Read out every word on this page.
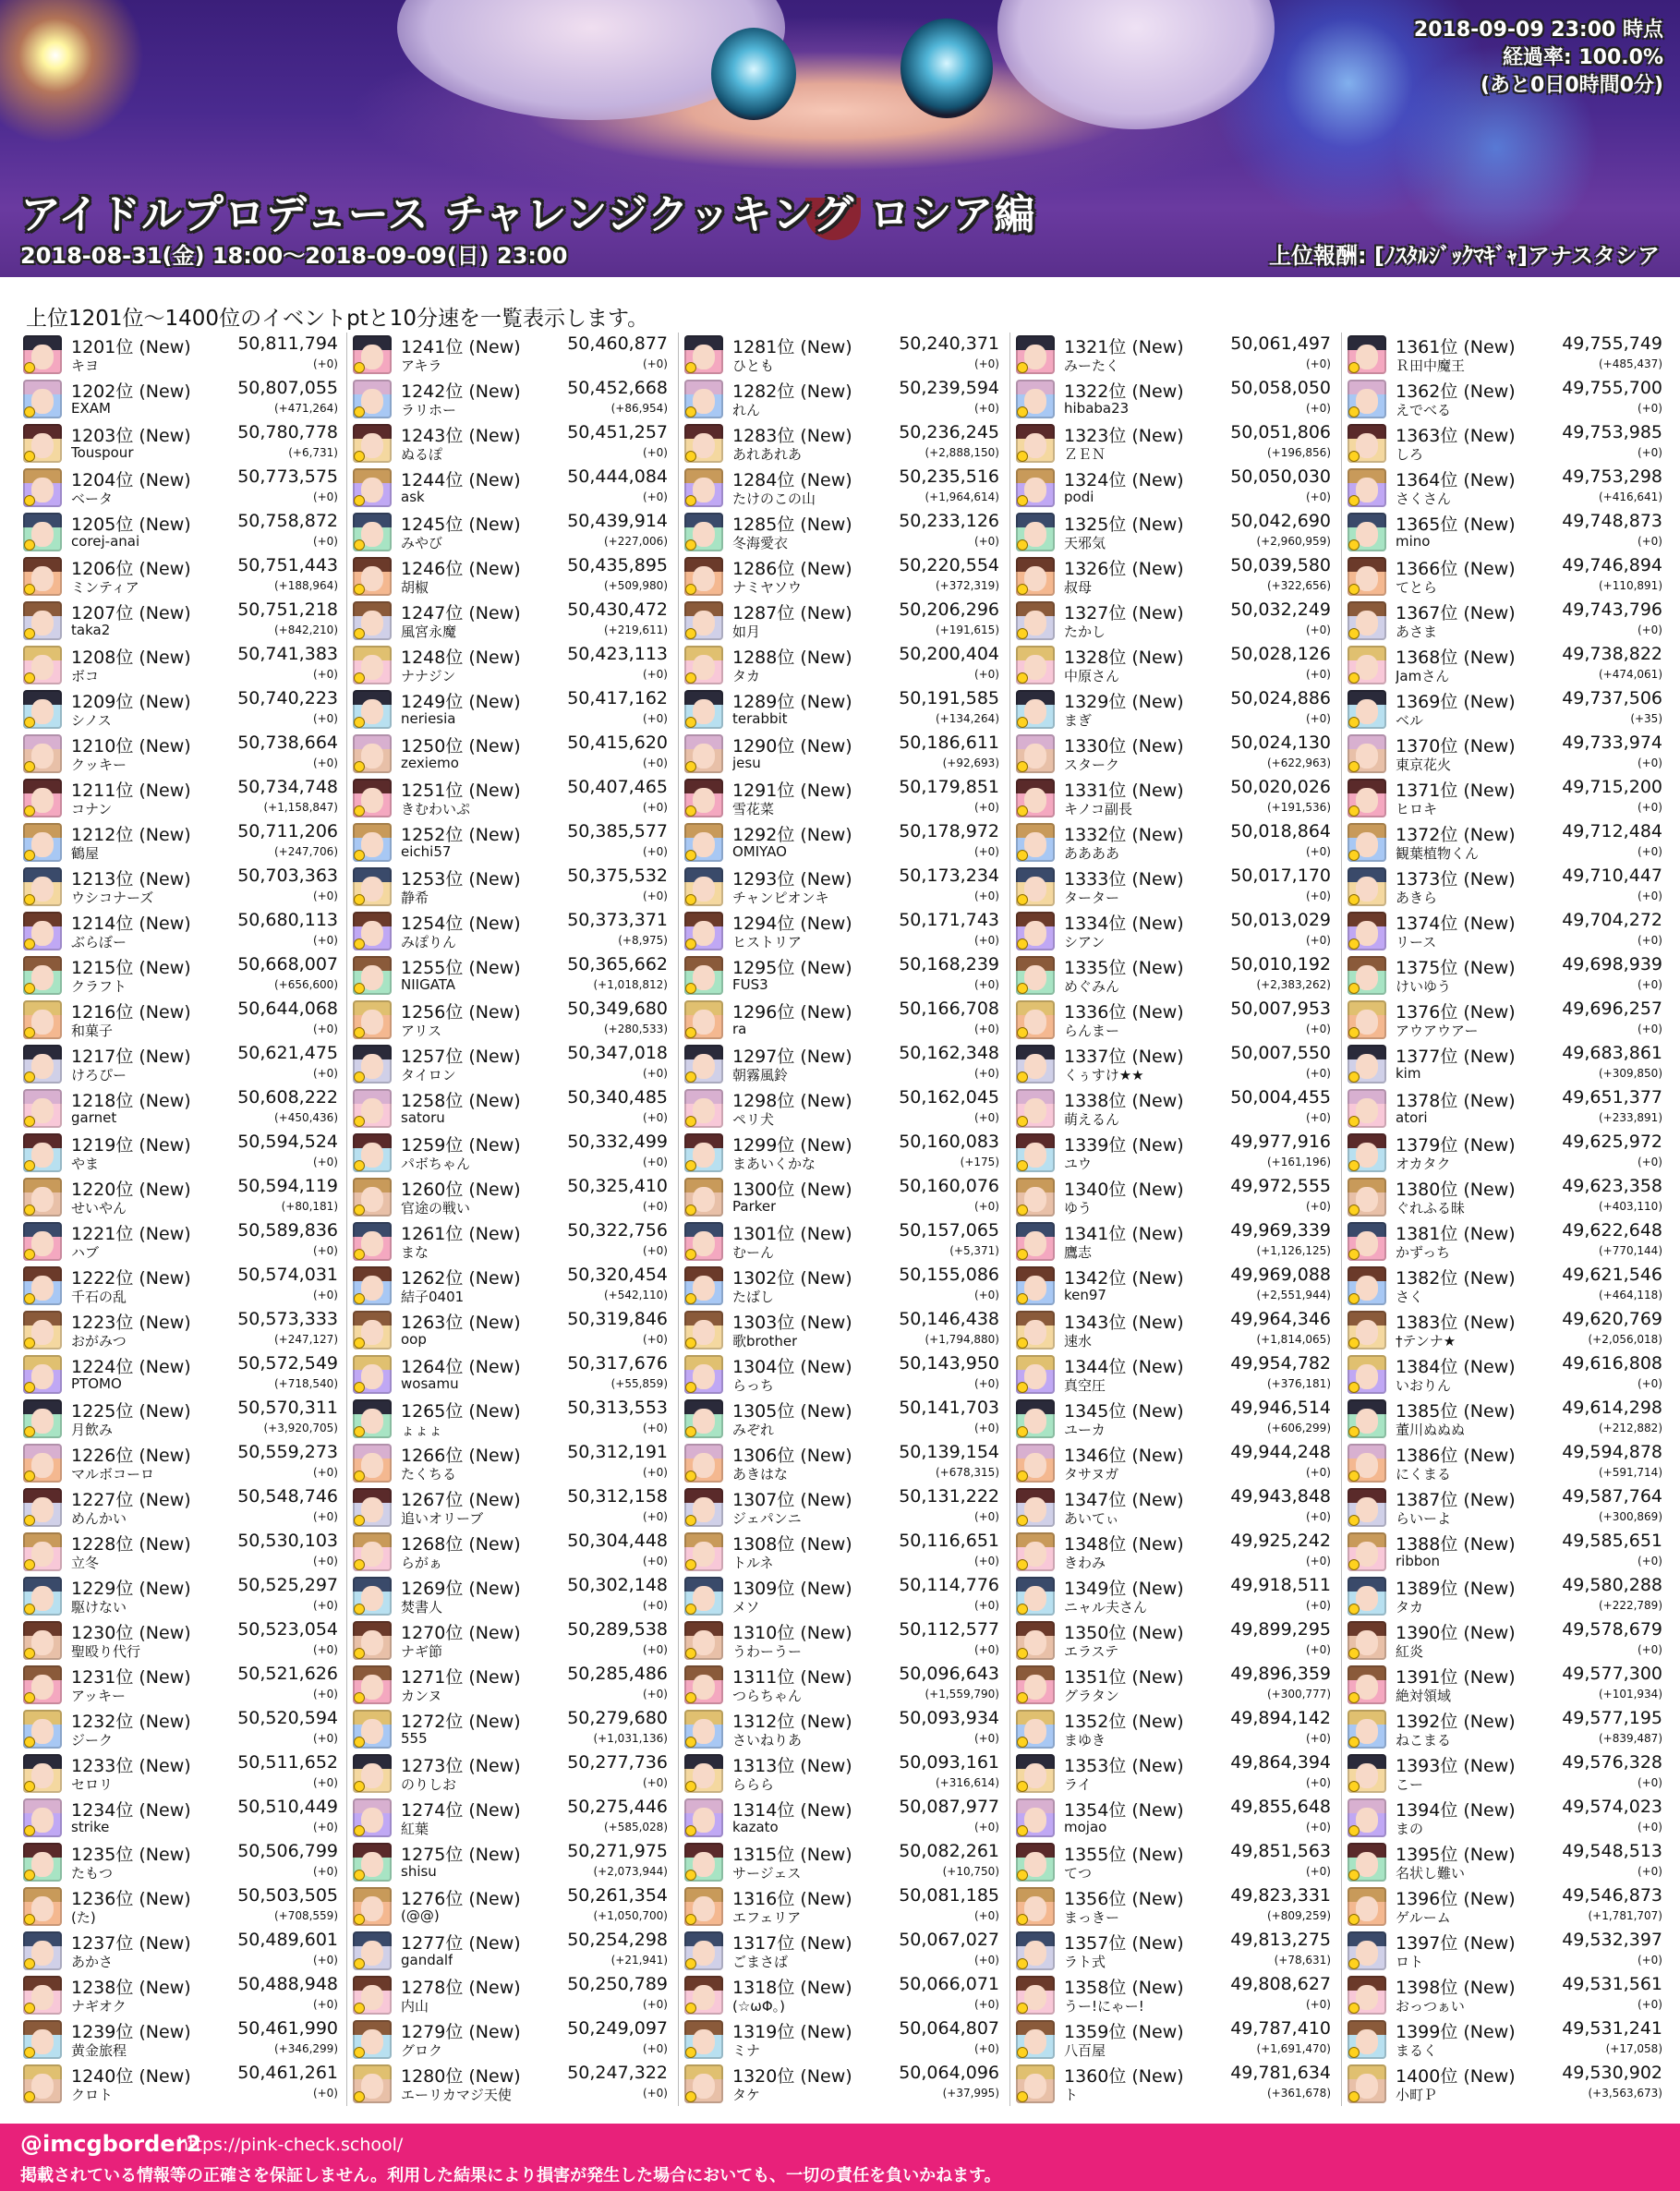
2018-09-09 23:00 時点
経過率: 100.0%
(あと0日0時間0分)
アイドルプロデュース チャレンジクッキング ロシア編
2018-08-31(金) 18:00～2018-09-09(日) 23:00	上位報酬: [ﾉｽﾀﾙｼﾞｯｸﾏｷﾞｬ]アナスタシア
上位1201位～1400位のイベントptと10分速を一覧表示します。
1201位 (New)	50,811,794
キヨ	(+0)
1202位 (New)	50,807,055
EXAM	(+471,264)
1203位 (New)	50,780,778
Touspour	(+6,731)
1204位 (New)	50,773,575
ベータ	(+0)
1205位 (New)	50,758,872
corej-anai	(+0)
1206位 (New)	50,751,443
ミンティア	(+188,964)
1207位 (New)	50,751,218
taka2	(+842,210)
1208位 (New)	50,741,383
ボコ	(+0)
1209位 (New)	50,740,223
シノス	(+0)
1210位 (New)	50,738,664
クッキー	(+0)
1211位 (New)	50,734,748
コナン	(+1,158,847)
1212位 (New)	50,711,206
鶴屋	(+247,706)
1213位 (New)	50,703,363
ウシコナーズ	(+0)
1214位 (New)	50,680,113
ぶらぼー	(+0)
1215位 (New)	50,668,007
クラフト	(+656,600)
1216位 (New)	50,644,068
和菓子	(+0)
1217位 (New)	50,621,475
けろぴー	(+0)
1218位 (New)	50,608,222
garnet	(+450,436)
1219位 (New)	50,594,524
やま	(+0)
1220位 (New)	50,594,119
せいやん	(+80,181)
1221位 (New)	50,589,836
ハブ	(+0)
1222位 (New)	50,574,031
千石の乱	(+0)
1223位 (New)	50,573,333
おがみつ	(+247,127)
1224位 (New)	50,572,549
PTOMO	(+718,540)
1225位 (New)	50,570,311
月飲み	(+3,920,705)
1226位 (New)	50,559,273
マルボコーロ	(+0)
1227位 (New)	50,548,746
めんかい	(+0)
1228位 (New)	50,530,103
立冬	(+0)
1229位 (New)	50,525,297
駆けない	(+0)
1230位 (New)	50,523,054
聖殴り代行	(+0)
1231位 (New)	50,521,626
アッキー	(+0)
1232位 (New)	50,520,594
ジーク	(+0)
1233位 (New)	50,511,652
セロリ	(+0)
1234位 (New)	50,510,449
strike	(+0)
1235位 (New)	50,506,799
たもつ	(+0)
1236位 (New)	50,503,505
(た)	(+708,559)
1237位 (New)	50,489,601
あかさ	(+0)
1238位 (New)	50,488,948
ナギオク	(+0)
1239位 (New)	50,461,990
黄金旅程	(+346,299)
1240位 (New)	50,461,261
クロト	(+0)
1241位 (New)	50,460,877
アキラ	(+0)
1242位 (New)	50,452,668
ラリホー	(+86,954)
1243位 (New)	50,451,257
ぬるぽ	(+0)
1244位 (New)	50,444,084
ask	(+0)
1245位 (New)	50,439,914
みやび	(+227,006)
1246位 (New)	50,435,895
胡椒	(+509,980)
1247位 (New)	50,430,472
風宮永魔	(+219,611)
1248位 (New)	50,423,113
ナナジン	(+0)
1249位 (New)	50,417,162
neriesia	(+0)
1250位 (New)	50,415,620
zexiemo	(+0)
1251位 (New)	50,407,465
きむわいぷ	(+0)
1252位 (New)	50,385,577
eichi57	(+0)
1253位 (New)	50,375,532
静希	(+0)
1254位 (New)	50,373,371
みぽりん	(+8,975)
1255位 (New)	50,365,662
NIIGATA	(+1,018,812)
1256位 (New)	50,349,680
アリス	(+280,533)
1257位 (New)	50,347,018
タイロン	(+0)
1258位 (New)	50,340,485
satoru	(+0)
1259位 (New)	50,332,499
パボちゃん	(+0)
1260位 (New)	50,325,410
官途の戦い	(+0)
1261位 (New)	50,322,756
まな	(+0)
1262位 (New)	50,320,454
結子0401	(+542,110)
1263位 (New)	50,319,846
oop	(+0)
1264位 (New)	50,317,676
wosamu	(+55,859)
1265位 (New)	50,313,553
ょょょ	(+0)
1266位 (New)	50,312,191
たくちる	(+0)
1267位 (New)	50,312,158
追いオリーブ	(+0)
1268位 (New)	50,304,448
らがぁ	(+0)
1269位 (New)	50,302,148
焚書人	(+0)
1270位 (New)	50,289,538
ナギ節	(+0)
1271位 (New)	50,285,486
カンヌ	(+0)
1272位 (New)	50,279,680
555	(+1,031,136)
1273位 (New)	50,277,736
のりしお	(+0)
1274位 (New)	50,275,446
紅葉	(+585,028)
1275位 (New)	50,271,975
shisu	(+2,073,944)
1276位 (New)	50,261,354
(@@)	(+1,050,700)
1277位 (New)	50,254,298
gandalf	(+21,941)
1278位 (New)	50,250,789
内山	(+0)
1279位 (New)	50,249,097
グロク	(+0)
1280位 (New)	50,247,322
エーリカマジ天使	(+0)
1281位 (New)	50,240,371
ひとも	(+0)
1282位 (New)	50,239,594
れん	(+0)
1283位 (New)	50,236,245
あれあれあ	(+2,888,150)
1284位 (New)	50,235,516
たけのこの山	(+1,964,614)
1285位 (New)	50,233,126
冬海愛衣	(+0)
1286位 (New)	50,220,554
ナミヤソウ	(+372,319)
1287位 (New)	50,206,296
如月	(+191,615)
1288位 (New)	50,200,404
タカ	(+0)
1289位 (New)	50,191,585
terabbit	(+134,264)
1290位 (New)	50,186,611
jesu	(+92,693)
1291位 (New)	50,179,851
雪花菜	(+0)
1292位 (New)	50,178,972
OMIYAO	(+0)
1293位 (New)	50,173,234
チャンピオンキ	(+0)
1294位 (New)	50,171,743
ヒストリア	(+0)
1295位 (New)	50,168,239
FUS3	(+0)
1296位 (New)	50,166,708
ra	(+0)
1297位 (New)	50,162,348
朝霧風鈴	(+0)
1298位 (New)	50,162,045
ペリ犬	(+0)
1299位 (New)	50,160,083
まあいくかな	(+175)
1300位 (New)	50,160,076
Parker	(+0)
1301位 (New)	50,157,065
むーん	(+5,371)
1302位 (New)	50,155,086
たばし	(+0)
1303位 (New)	50,146,438
歌brother	(+1,794,880)
1304位 (New)	50,143,950
らっち	(+0)
1305位 (New)	50,141,703
みぞれ	(+0)
1306位 (New)	50,139,154
あきはな	(+678,315)
1307位 (New)	50,131,222
ジェパンニ	(+0)
1308位 (New)	50,116,651
トルネ	(+0)
1309位 (New)	50,114,776
メソ	(+0)
1310位 (New)	50,112,577
うわーうー	(+0)
1311位 (New)	50,096,643
つらちゃん	(+1,559,790)
1312位 (New)	50,093,934
さいねりあ	(+0)
1313位 (New)	50,093,161
ららら	(+316,614)
1314位 (New)	50,087,977
kazato	(+0)
1315位 (New)	50,082,261
サージェス	(+10,750)
1316位 (New)	50,081,185
エフェリア	(+0)
1317位 (New)	50,067,027
ごまさば	(+0)
1318位 (New)	50,066,071
(☆ωΦ。)	(+0)
1319位 (New)	50,064,807
ミナ	(+0)
1320位 (New)	50,064,096
タケ	(+37,995)
1321位 (New)	50,061,497
みーたく	(+0)
1322位 (New)	50,058,050
hibaba23	(+0)
1323位 (New)	50,051,806
ＺＥＮ	(+196,856)
1324位 (New)	50,050,030
podi	(+0)
1325位 (New)	50,042,690
天邪気	(+2,960,959)
1326位 (New)	50,039,580
叔母	(+322,656)
1327位 (New)	50,032,249
たかし	(+0)
1328位 (New)	50,028,126
中原さん	(+0)
1329位 (New)	50,024,886
まぎ	(+0)
1330位 (New)	50,024,130
スターク	(+622,963)
1331位 (New)	50,020,026
キノコ副長	(+191,536)
1332位 (New)	50,018,864
ああああ	(+0)
1333位 (New)	50,017,170
ターター	(+0)
1334位 (New)	50,013,029
シアン	(+0)
1335位 (New)	50,010,192
めぐみん	(+2,383,262)
1336位 (New)	50,007,953
らんまー	(+0)
1337位 (New)	50,007,550
くぅすけ★★	(+0)
1338位 (New)	50,004,455
萌えるん	(+0)
1339位 (New)	49,977,916
ユウ	(+161,196)
1340位 (New)	49,972,555
ゆう	(+0)
1341位 (New)	49,969,339
鷹志	(+1,126,125)
1342位 (New)	49,969,088
ken97	(+2,551,944)
1343位 (New)	49,964,346
速水	(+1,814,065)
1344位 (New)	49,954,782
真空圧	(+376,181)
1345位 (New)	49,946,514
ユーカ	(+606,299)
1346位 (New)	49,944,248
タサヌガ	(+0)
1347位 (New)	49,943,848
あいてぃ	(+0)
1348位 (New)	49,925,242
きわみ	(+0)
1349位 (New)	49,918,511
ニャル夫さん	(+0)
1350位 (New)	49,899,295
エラステ	(+0)
1351位 (New)	49,896,359
グラタン	(+300,777)
1352位 (New)	49,894,142
まゆき	(+0)
1353位 (New)	49,864,394
ライ	(+0)
1354位 (New)	49,855,648
mojao	(+0)
1355位 (New)	49,851,563
てつ	(+0)
1356位 (New)	49,823,331
まっきー	(+809,259)
1357位 (New)	49,813,275
ラト式	(+78,631)
1358位 (New)	49,808,627
うー!にゃー!	(+0)
1359位 (New)	49,787,410
八百屋	(+1,691,470)
1360位 (New)	49,781,634
ト	(+361,678)
1361位 (New)	49,755,749
Ｒ田中魔王	(+485,437)
1362位 (New)	49,755,700
えでべる	(+0)
1363位 (New)	49,753,985
しろ	(+0)
1364位 (New)	49,753,298
さくさん	(+416,641)
1365位 (New)	49,748,873
mino	(+0)
1366位 (New)	49,746,894
てとら	(+110,891)
1367位 (New)	49,743,796
あさま	(+0)
1368位 (New)	49,738,822
Jamさん	(+474,061)
1369位 (New)	49,737,506
ベル	(+35)
1370位 (New)	49,733,974
東京花火	(+0)
1371位 (New)	49,715,200
ヒロキ	(+0)
1372位 (New)	49,712,484
観葉植物くん	(+0)
1373位 (New)	49,710,447
あきら	(+0)
1374位 (New)	49,704,272
リース	(+0)
1375位 (New)	49,698,939
けいゆう	(+0)
1376位 (New)	49,696,257
アウアウアー	(+0)
1377位 (New)	49,683,861
kim	(+309,850)
1378位 (New)	49,651,377
atori	(+233,891)
1379位 (New)	49,625,972
オカタク	(+0)
1380位 (New)	49,623,358
ぐれふる昧	(+403,110)
1381位 (New)	49,622,648
かずっち	(+770,144)
1382位 (New)	49,621,546
さく	(+464,118)
1383位 (New)	49,620,769
†テンナ★	(+2,056,018)
1384位 (New)	49,616,808
いおりん	(+0)
1385位 (New)	49,614,298
董川ぬぬぬ	(+212,882)
1386位 (New)	49,594,878
にくまる	(+591,714)
1387位 (New)	49,587,764
らいーよ	(+300,869)
1388位 (New)	49,585,651
ribbon	(+0)
1389位 (New)	49,580,288
タカ	(+222,789)
1390位 (New)	49,578,679
紅炎	(+0)
1391位 (New)	49,577,300
絶対領域	(+101,934)
1392位 (New)	49,577,195
ねこまる	(+839,487)
1393位 (New)	49,576,328
こー	(+0)
1394位 (New)	49,574,023
まの	(+0)
1395位 (New)	49,548,513
名状し難い	(+0)
1396位 (New)	49,546,873
ゲルーム	(+1,781,707)
1397位 (New)	49,532,397
ロト	(+0)
1398位 (New)	49,531,561
おっつぁい	(+0)
1399位 (New)	49,531,241
まるく	(+17,058)
1400位 (New)	49,530,902
小町Ｐ	(+3,563,673)
@imcgborder2
https://pink-check.school/
掲載されている情報等の正確さを保証しません。利用した結果により損害が発生した場合においても、一切の責任を負いかねます。
